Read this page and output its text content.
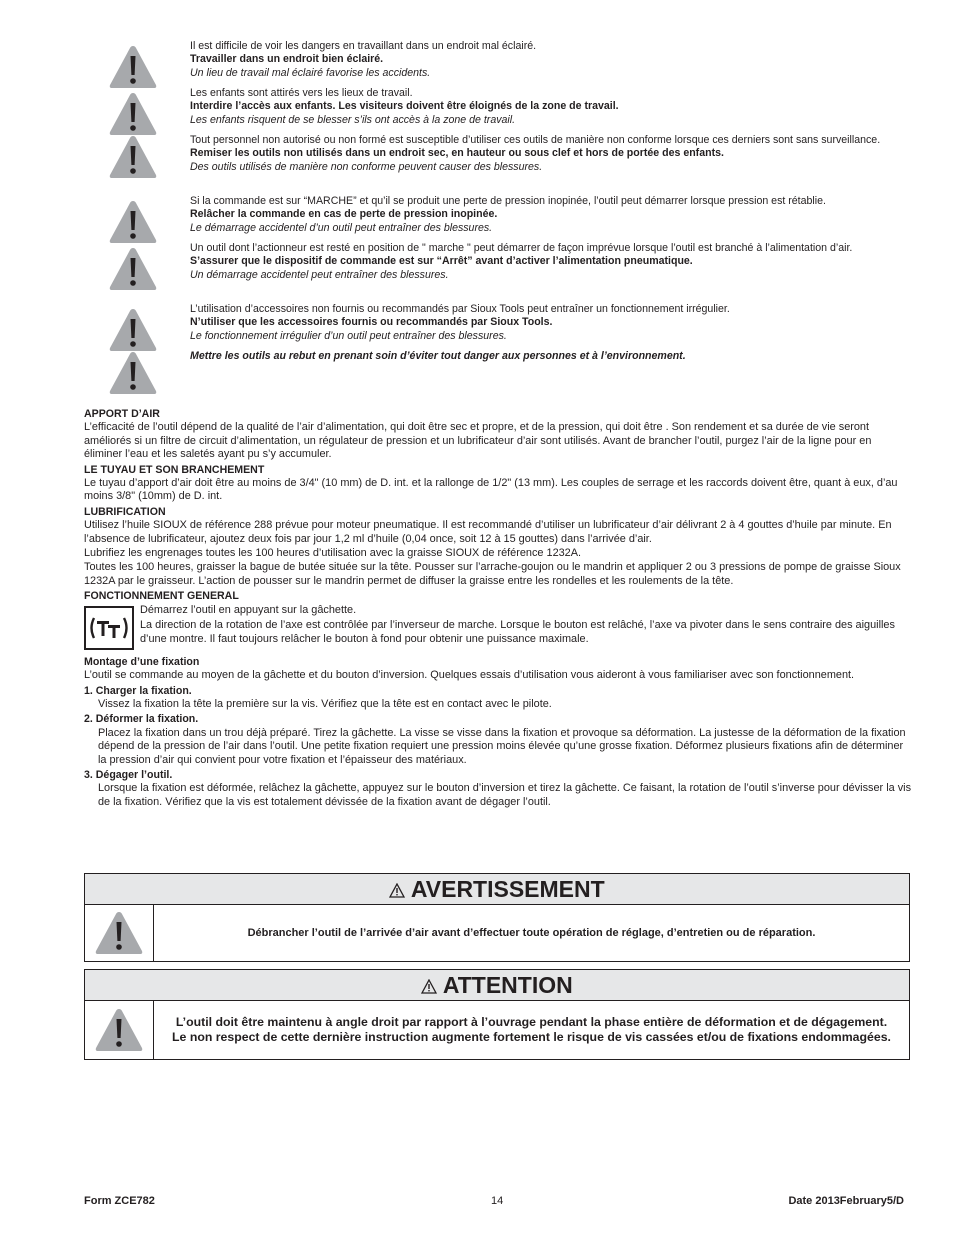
Il est difficile de voir les dangers en travaillant dans un endroit mal éclairé.
Travailler dans un endroit bien éclairé.
Un lieu de travail mal éclairé favorise les accidents.
Les enfants sont attirés vers les lieux de travail.
Interdire l’accès aux enfants. Les visiteurs doivent être éloignés de la zone de travail.
Les enfants risquent de se blesser s’ils ont accès à la zone de travail.
Tout personnel non autorisé ou non formé est susceptible d’utiliser ces outils de manière non conforme lorsque ces derniers sont sans surveillance.
Remiser les outils non utilisés dans un endroit sec, en hauteur ou sous clef et hors de portée des enfants.
Des outils utilisés de manière non conforme peuvent causer des blessures.
Si la commande est sur “MARCHE” et qu’il se produit une perte de pression inopinée, l’outil peut démarrer lorsque pression est rétablie.
Relâcher la commande en cas de perte de pression inopinée.
Le démarrage accidentel d’un outil peut entraîner des blessures.
Un outil dont l’actionneur est resté en position de " marche " peut démarrer de façon imprévue lorsque l’outil est branché à l’alimentation d’air.
S’assurer que le dispositif de commande est sur “Arrêt” avant d’activer l’alimentation pneumatique.
Un démarrage accidentel peut entraîner des blessures.
L’utilisation d’accessoires non fournis ou recommandés par Sioux Tools peut entraîner un fonctionnement irrégulier.
N’utiliser que les accessoires fournis ou recommandés par Sioux Tools.
Le fonctionnement irrégulier d’un outil peut entraîner des blessures.
Mettre les outils au rebut en prenant soin d’éviter tout danger aux personnes et à l’environnement.
APPORT D’AIR

L’efficacité de l’outil dépend de la qualité de l’air d’alimentation, qui doit être sec et propre, et de la pression, qui doit être . Son rendement et sa durée de vie seront améliorés si un filtre de circuit d’alimentation, un régulateur de pression et un lubrificateur d’air sont utilisés. Avant de brancher l’outil, purgez l’air de la ligne pour en éliminer l’eau et les saletés ayant pu s’y accumuler.

LE TUYAU ET SON BRANCHEMENT

Le tuyau d’apport d’air doit être au moins de 3/4" (10 mm) de D. int. et la rallonge de 1/2" (13 mm). Les couples de serrage et les raccords doivent être, quant à eux, d’au moins 3/8" (10mm) de D. int.

LUBRIFICATION

Utilisez l’huile SIOUX de référence 288 prévue pour moteur pneumatique. Il est recommandé d’utiliser un lubrificateur d’air délivrant 2 à 4 gouttes d’huile par minute. En l’absence de lubrificateur, ajoutez deux fois par jour 1,2 ml d’huile (0,04 once, soit 12 à 15 gouttes) dans l’arrivée d’air.

Lubrifiez les engrenages toutes les 100 heures d’utilisation avec la graisse SIOUX de référence 1232A.

Toutes les 100 heures, graisser la bague de butée située sur la tête. Pousser sur l’arrache-goujon ou le mandrin et appliquer 2 ou 3 pressions de pompe de graisse Sioux 1232A par le graisseur. L’action de pousser sur le mandrin permet de diffuser la graisse entre les rondelles et les roulements de la tête.

FONCTIONNEMENT GENERAL

Démarrez l’outil en appuyant sur la gâchette.

La direction de la rotation de l’axe est contrôlée par l’inverseur de marche. Lorsque le bouton est relâché, l’axe va pivoter dans le sens contraire des aiguilles d’une montre. Il faut toujours relâcher le bouton à fond pour obtenir une puissance maximale.

Montage d’une fixation

L’outil se commande au moyen de la gâchette et du bouton d’inversion. Quelques essais d’utilisation vous aideront à vous familiariser avec son fonctionnement.

1. Charger la fixation.

Vissez la fixation la tête la première sur la vis. Vérifiez que la tête est en contact avec le pilote.

2. Déformer la fixation.

Placez la fixation dans un trou déjà préparé. Tirez la gâchette. La visse se visse dans la fixation et provoque sa déformation. La justesse de la déformation de la fixation dépend de la pression de l’air dans l’outil. Une petite fixation requiert une pression moins élevée qu’une grosse fixation. Déformez plusieurs fixations afin de déterminer la pression d’air qui convient pour votre fixation et l’épaisseur des matériaux.

3. Dégager l’outil.

Lorsque la fixation est déformée, relâchez la gâchette, appuyez sur le bouton d’inversion et tirez la gâchette. Ce faisant, la rotation de l’outil s’inverse pour dévisser la vis de la fixation. Vérifiez que la vis est totalement dévissée de la fixation avant de dégager l’outil.

AVERTISSEMENT
Débrancher l’outil de l’arrivée d’air avant d’effectuer toute opération de réglage, d’entretien ou de réparation.
ATTENTION
L’outil doit être maintenu à angle droit par rapport à l’ouvrage pendant la phase entière de déformation et de dégagement. Le non respect de cette dernière instruction augmente fortement le risque de vis cassées et/ou de fixations endommagées.
Form ZCE782	14	Date 2013February5/D
